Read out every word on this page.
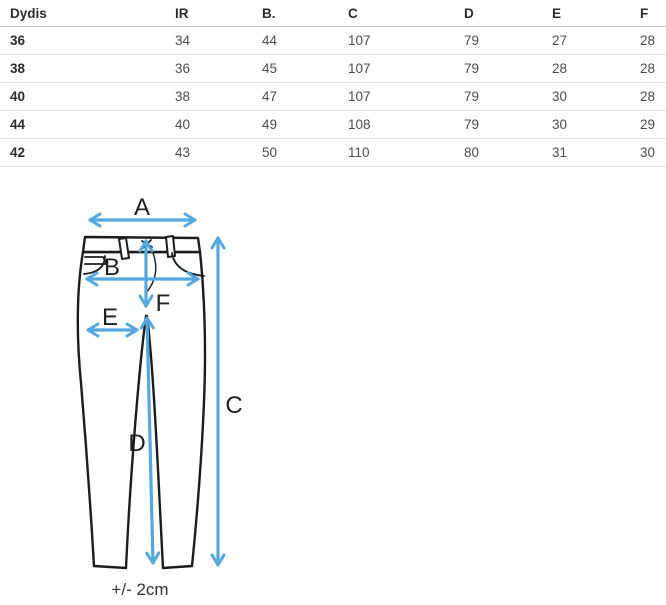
Dydis	IR	B.	C	D	E	F
36	34	44	107	79	27	28
38	36	45	107	79	28	28
40	38	47	107	79	30	28
44	40	49	108	79	30	29
42	43	50	110	80	31	30
A
B
F
E
C
D
+/- 2cm
